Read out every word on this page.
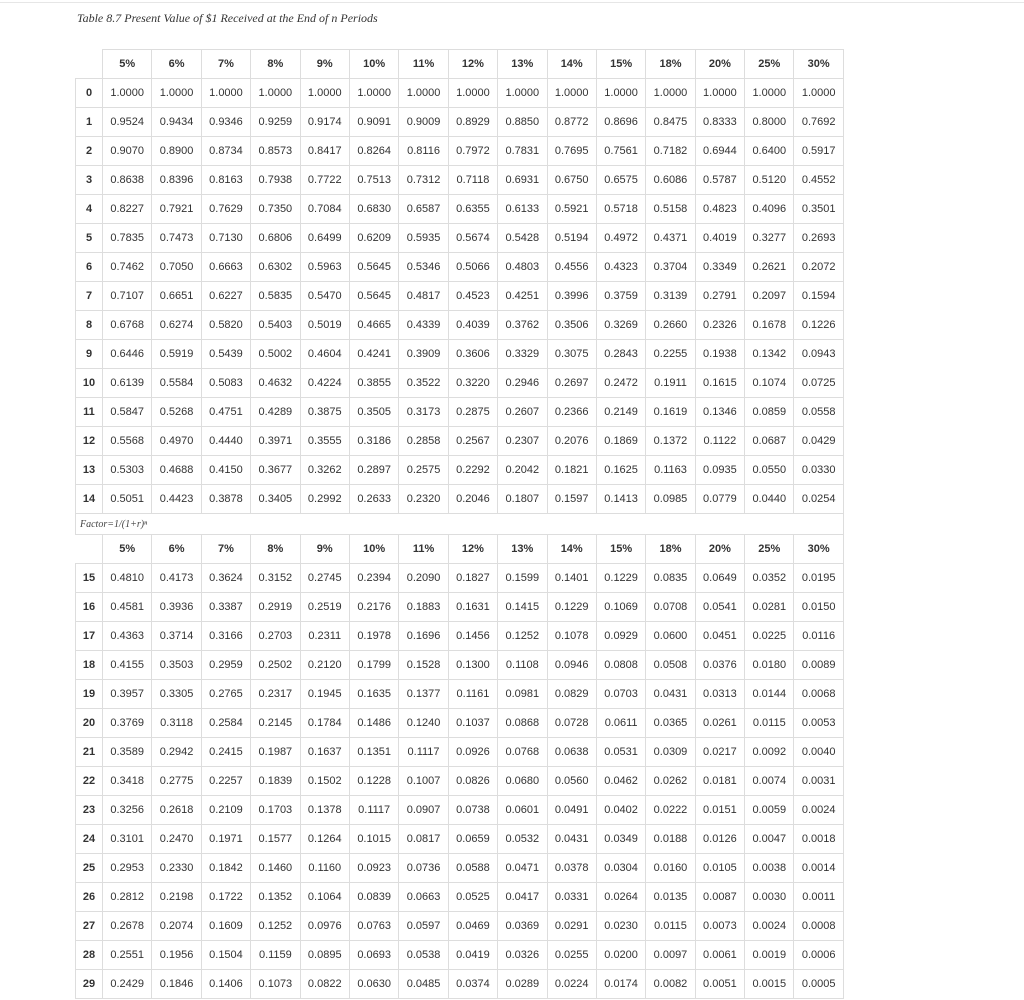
Table 8.7 Present Value of $1 Received at the End of n Periods
	5%	6%	7%	8%	9%	10%	11%	12%	13%	14%	15%	18%	20%	25%	30%
0	1.0000	1.0000	1.0000	1.0000	1.0000	1.0000	1.0000	1.0000	1.0000	1.0000	1.0000	1.0000	1.0000	1.0000	1.0000
1	0.9524	0.9434	0.9346	0.9259	0.9174	0.9091	0.9009	0.8929	0.8850	0.8772	0.8696	0.8475	0.8333	0.8000	0.7692
2	0.9070	0.8900	0.8734	0.8573	0.8417	0.8264	0.8116	0.7972	0.7831	0.7695	0.7561	0.7182	0.6944	0.6400	0.5917
3	0.8638	0.8396	0.8163	0.7938	0.7722	0.7513	0.7312	0.7118	0.6931	0.6750	0.6575	0.6086	0.5787	0.5120	0.4552
4	0.8227	0.7921	0.7629	0.7350	0.7084	0.6830	0.6587	0.6355	0.6133	0.5921	0.5718	0.5158	0.4823	0.4096	0.3501
5	0.7835	0.7473	0.7130	0.6806	0.6499	0.6209	0.5935	0.5674	0.5428	0.5194	0.4972	0.4371	0.4019	0.3277	0.2693
6	0.7462	0.7050	0.6663	0.6302	0.5963	0.5645	0.5346	0.5066	0.4803	0.4556	0.4323	0.3704	0.3349	0.2621	0.2072
7	0.7107	0.6651	0.6227	0.5835	0.5470	0.5645	0.4817	0.4523	0.4251	0.3996	0.3759	0.3139	0.2791	0.2097	0.1594
8	0.6768	0.6274	0.5820	0.5403	0.5019	0.4665	0.4339	0.4039	0.3762	0.3506	0.3269	0.2660	0.2326	0.1678	0.1226
9	0.6446	0.5919	0.5439	0.5002	0.4604	0.4241	0.3909	0.3606	0.3329	0.3075	0.2843	0.2255	0.1938	0.1342	0.0943
10	0.6139	0.5584	0.5083	0.4632	0.4224	0.3855	0.3522	0.3220	0.2946	0.2697	0.2472	0.1911	0.1615	0.1074	0.0725
11	0.5847	0.5268	0.4751	0.4289	0.3875	0.3505	0.3173	0.2875	0.2607	0.2366	0.2149	0.1619	0.1346	0.0859	0.0558
12	0.5568	0.4970	0.4440	0.3971	0.3555	0.3186	0.2858	0.2567	0.2307	0.2076	0.1869	0.1372	0.1122	0.0687	0.0429
13	0.5303	0.4688	0.4150	0.3677	0.3262	0.2897	0.2575	0.2292	0.2042	0.1821	0.1625	0.1163	0.0935	0.0550	0.0330
14	0.5051	0.4423	0.3878	0.3405	0.2992	0.2633	0.2320	0.2046	0.1807	0.1597	0.1413	0.0985	0.0779	0.0440	0.0254
Factor=1/(1+r)ⁿ															
	5%	6%	7%	8%	9%	10%	11%	12%	13%	14%	15%	18%	20%	25%	30%
15	0.4810	0.4173	0.3624	0.3152	0.2745	0.2394	0.2090	0.1827	0.1599	0.1401	0.1229	0.0835	0.0649	0.0352	0.0195
16	0.4581	0.3936	0.3387	0.2919	0.2519	0.2176	0.1883	0.1631	0.1415	0.1229	0.1069	0.0708	0.0541	0.0281	0.0150
17	0.4363	0.3714	0.3166	0.2703	0.2311	0.1978	0.1696	0.1456	0.1252	0.1078	0.0929	0.0600	0.0451	0.0225	0.0116
18	0.4155	0.3503	0.2959	0.2502	0.2120	0.1799	0.1528	0.1300	0.1108	0.0946	0.0808	0.0508	0.0376	0.0180	0.0089
19	0.3957	0.3305	0.2765	0.2317	0.1945	0.1635	0.1377	0.1161	0.0981	0.0829	0.0703	0.0431	0.0313	0.0144	0.0068
20	0.3769	0.3118	0.2584	0.2145	0.1784	0.1486	0.1240	0.1037	0.0868	0.0728	0.0611	0.0365	0.0261	0.0115	0.0053
21	0.3589	0.2942	0.2415	0.1987	0.1637	0.1351	0.1117	0.0926	0.0768	0.0638	0.0531	0.0309	0.0217	0.0092	0.0040
22	0.3418	0.2775	0.2257	0.1839	0.1502	0.1228	0.1007	0.0826	0.0680	0.0560	0.0462	0.0262	0.0181	0.0074	0.0031
23	0.3256	0.2618	0.2109	0.1703	0.1378	0.1117	0.0907	0.0738	0.0601	0.0491	0.0402	0.0222	0.0151	0.0059	0.0024
24	0.3101	0.2470	0.1971	0.1577	0.1264	0.1015	0.0817	0.0659	0.0532	0.0431	0.0349	0.0188	0.0126	0.0047	0.0018
25	0.2953	0.2330	0.1842	0.1460	0.1160	0.0923	0.0736	0.0588	0.0471	0.0378	0.0304	0.0160	0.0105	0.0038	0.0014
26	0.2812	0.2198	0.1722	0.1352	0.1064	0.0839	0.0663	0.0525	0.0417	0.0331	0.0264	0.0135	0.0087	0.0030	0.0011
27	0.2678	0.2074	0.1609	0.1252	0.0976	0.0763	0.0597	0.0469	0.0369	0.0291	0.0230	0.0115	0.0073	0.0024	0.0008
28	0.2551	0.1956	0.1504	0.1159	0.0895	0.0693	0.0538	0.0419	0.0326	0.0255	0.0200	0.0097	0.0061	0.0019	0.0006
29	0.2429	0.1846	0.1406	0.1073	0.0822	0.0630	0.0485	0.0374	0.0289	0.0224	0.0174	0.0082	0.0051	0.0015	0.0005
